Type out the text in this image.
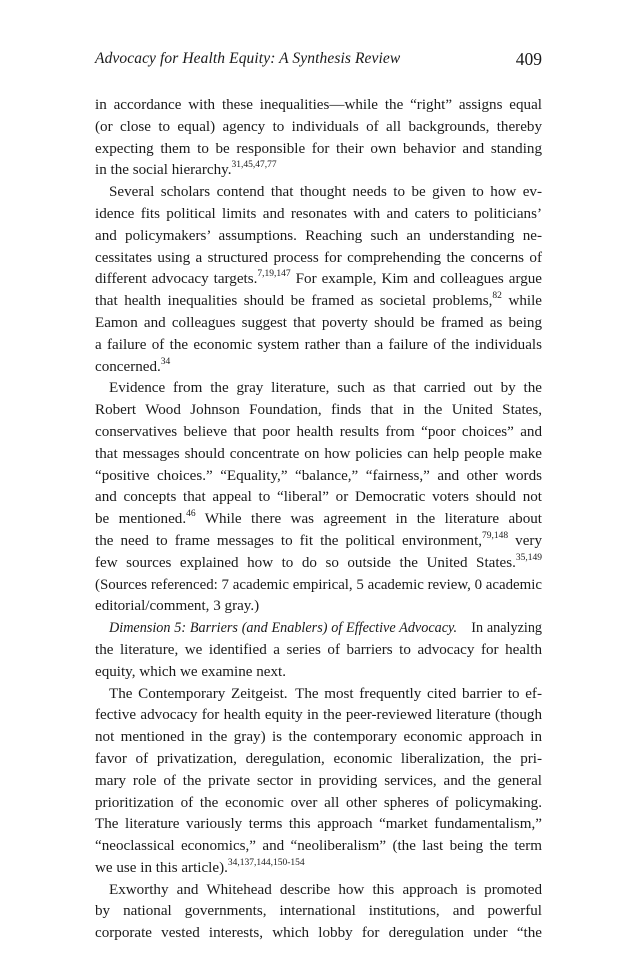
Advocacy for Health Equity: A Synthesis Review	409
in accordance with these inequalities—while the “right” assigns equal
(or close to equal) agency to individuals of all backgrounds, thereby
expecting them to be responsible for their own behavior and standing
in the social hierarchy.$^{31,45,47,77}$
Several scholars contend that thought needs to be given to how ev-
idence fits political limits and resonates with and caters to politicians’
and policymakers’ assumptions. Reaching such an understanding ne-
cessitates using a structured process for comprehending the concerns of
different advocacy targets.$^{7,19,147}$ For example, Kim and colleagues argue
that health inequalities should be framed as societal problems,$^{82}$ while
Eamon and colleagues suggest that poverty should be framed as being
a failure of the economic system rather than a failure of the individuals
concerned.$^{34}$
Evidence from the gray literature, such as that carried out by the
Robert Wood Johnson Foundation, finds that in the United States,
conservatives believe that poor health results from “poor choices” and
that messages should concentrate on how policies can help people make
“positive choices.” “Equality,” “balance,” “fairness,” and other words
and concepts that appeal to “liberal” or Democratic voters should not
be mentioned.$^{46}$ While there was agreement in the literature about
the need to frame messages to fit the political environment,$^{79,148}$ very
few sources explained how to do so outside the United States.$^{35,149}$
(Sources referenced: 7 academic empirical, 5 academic review, 0 academic
editorial/comment, 3 gray.)
Dimension 5: Barriers (and Enablers) of Effective Advocacy. In analyzing
the literature, we identified a series of barriers to advocacy for health
equity, which we examine next.
The Contemporary Zeitgeist. The most frequently cited barrier to ef-
fective advocacy for health equity in the peer-reviewed literature (though
not mentioned in the gray) is the contemporary economic approach in
favor of privatization, deregulation, economic liberalization, the pri-
mary role of the private sector in providing services, and the general
prioritization of the economic over all other spheres of policymaking.
The literature variously terms this approach “market fundamentalism,”
“neoclassical economics,” and “neoliberalism” (the last being the term
we use in this article).$^{34,137,144,150-154}$
Exworthy and Whitehead describe how this approach is promoted
by national governments, international institutions, and powerful
corporate vested interests, which lobby for deregulation under “the
